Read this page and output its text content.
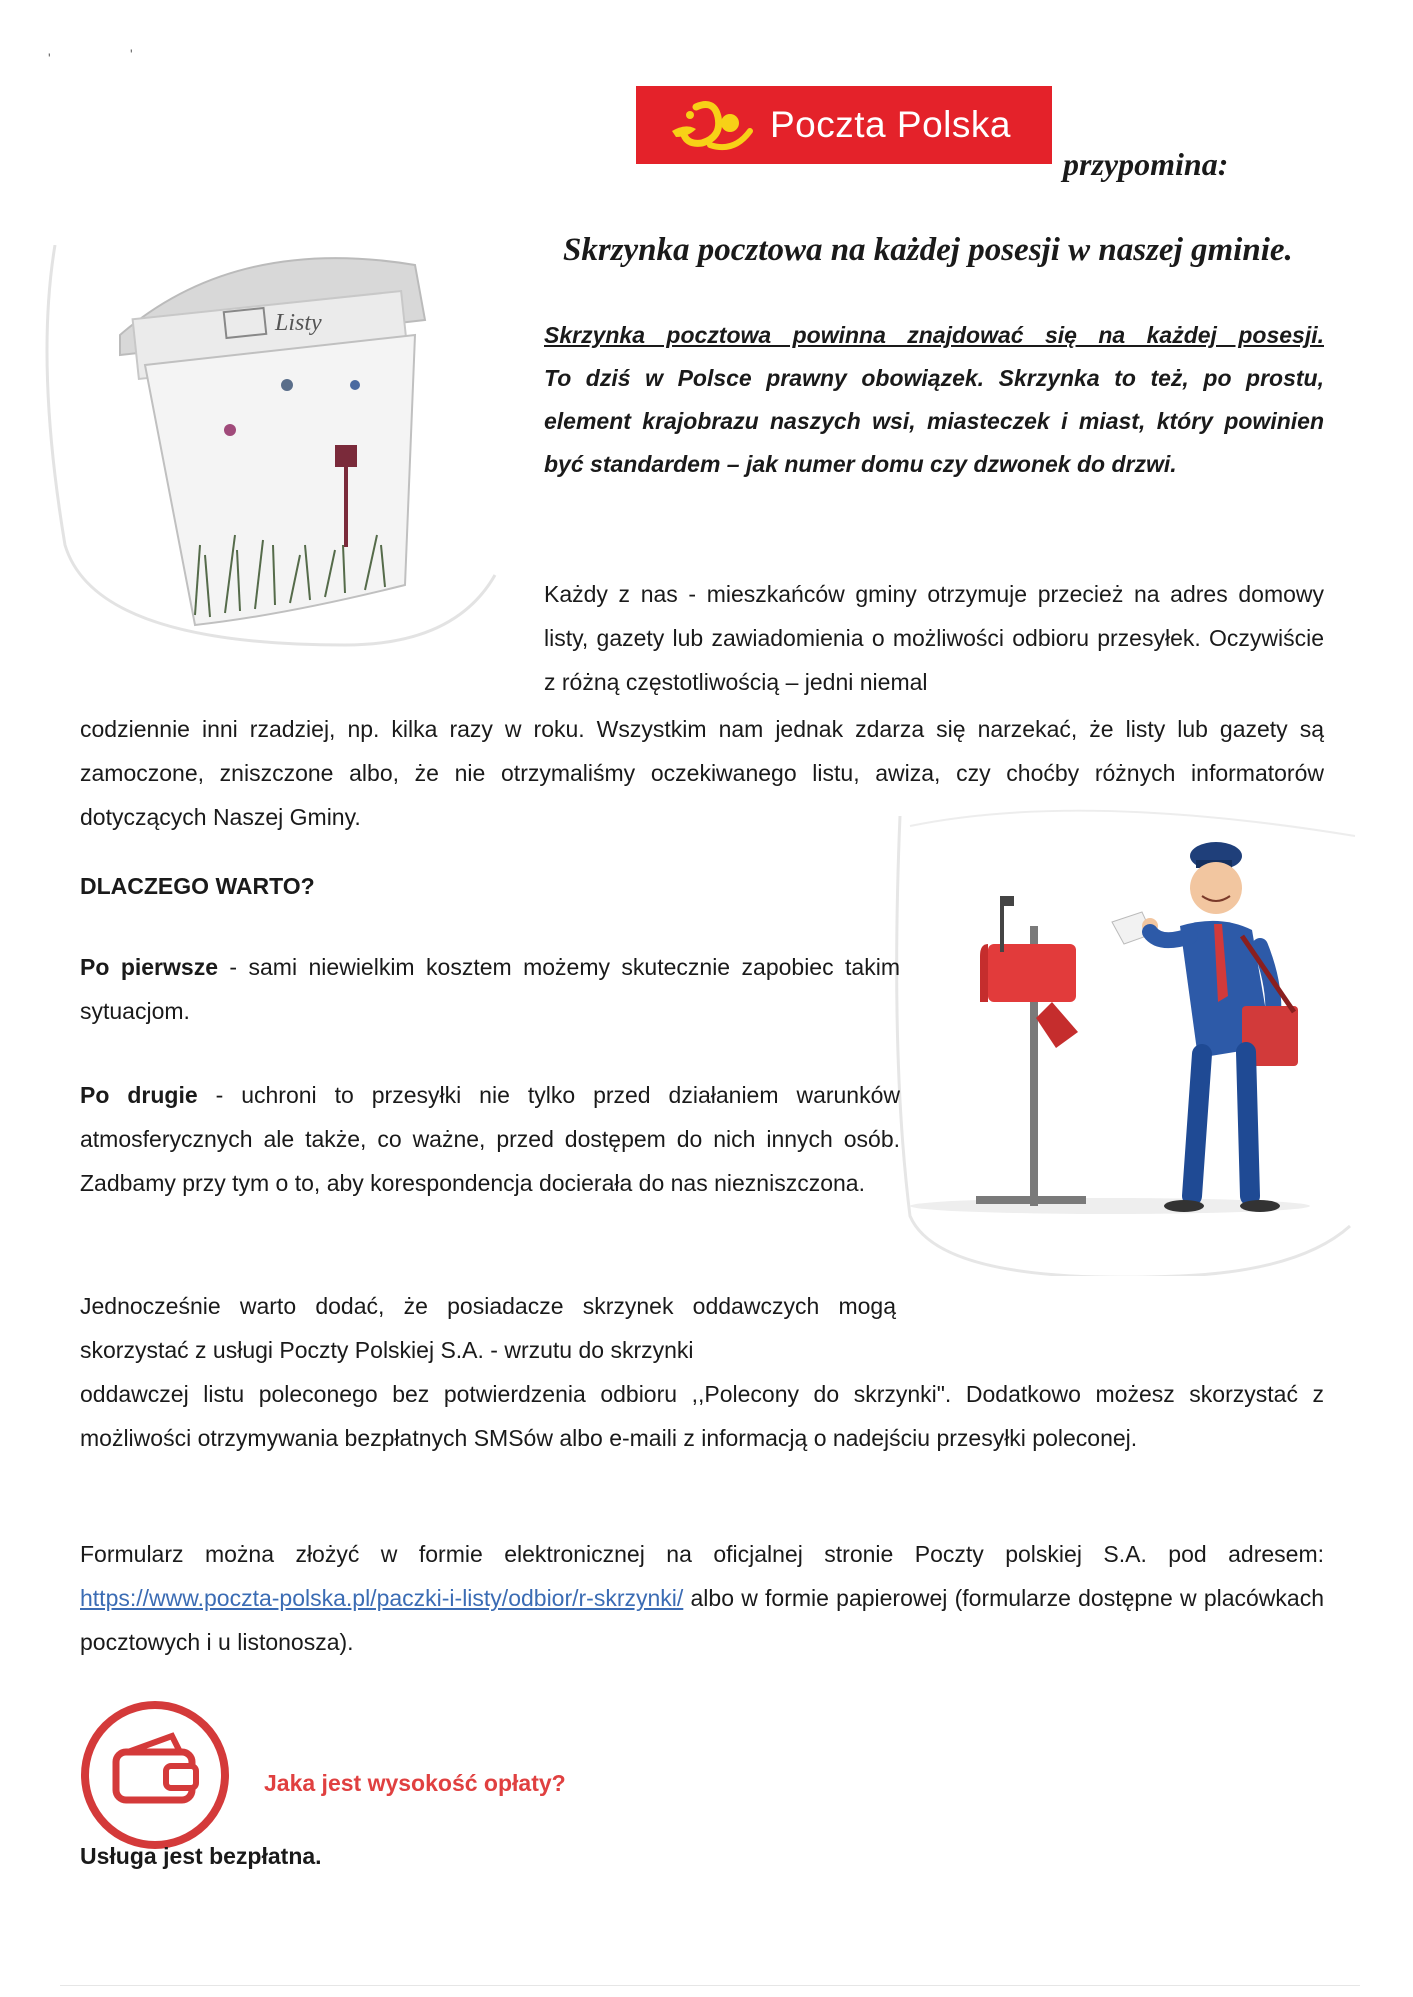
'	'
Poczta Polska
przypomina:
Skrzynka pocztowa na każdej posesji w naszej gminie.
Listy	Skrzynka pocztowa powinna znajdować się na każdej posesji.
To dziś w Polsce prawny obowiązek. Skrzynka to też, po prostu, element krajobrazu naszych wsi, miasteczek i miast, który powinien być standardem – jak numer domu czy dzwonek do drzwi.
Każdy z nas - mieszkańców gminy otrzymuje przecież na adres domowy listy, gazety lub zawiadomienia o możliwości odbioru przesyłek. Oczywiście z różną częstotliwością – jedni niemal
codziennie inni rzadziej, np. kilka razy w roku. Wszystkim nam jednak zdarza się narzekać, że listy lub gazety są zamoczone, zniszczone albo, że nie otrzymaliśmy oczekiwanego listu, awiza, czy choćby różnych informatorów dotyczących Naszej Gminy.
DLACZEGO WARTO?
Po pierwsze - sami niewielkim kosztem możemy skutecznie zapobiec takim sytuacjom.
Po drugie - uchroni to przesyłki nie tylko przed działaniem warunków atmosferycznych ale także, co ważne, przed dostępem do nich innych osób. Zadbamy przy tym o to, aby korespondencja docierała do nas niezniszczona.
Jednocześnie warto dodać, że posiadacze skrzynek oddawczych mogą skorzystać z usługi Poczty Polskiej S.A. - wrzutu do skrzynki
oddawczej listu poleconego bez potwierdzenia odbioru ,,Polecony do skrzynki". Dodatkowo możesz skorzystać z możliwości otrzymywania bezpłatnych SMSów albo e-maili z informacją o nadejściu przesyłki poleconej.
Formularz można złożyć w formie elektronicznej na oficjalnej stronie Poczty polskiej S.A. pod adresem: https://www.poczta-polska.pl/paczki-i-listy/odbior/r-skrzynki/ albo w formie papierowej (formularze dostępne w placówkach pocztowych i u listonosza).
Jaka jest wysokość opłaty?
Usługa jest bezpłatna.
